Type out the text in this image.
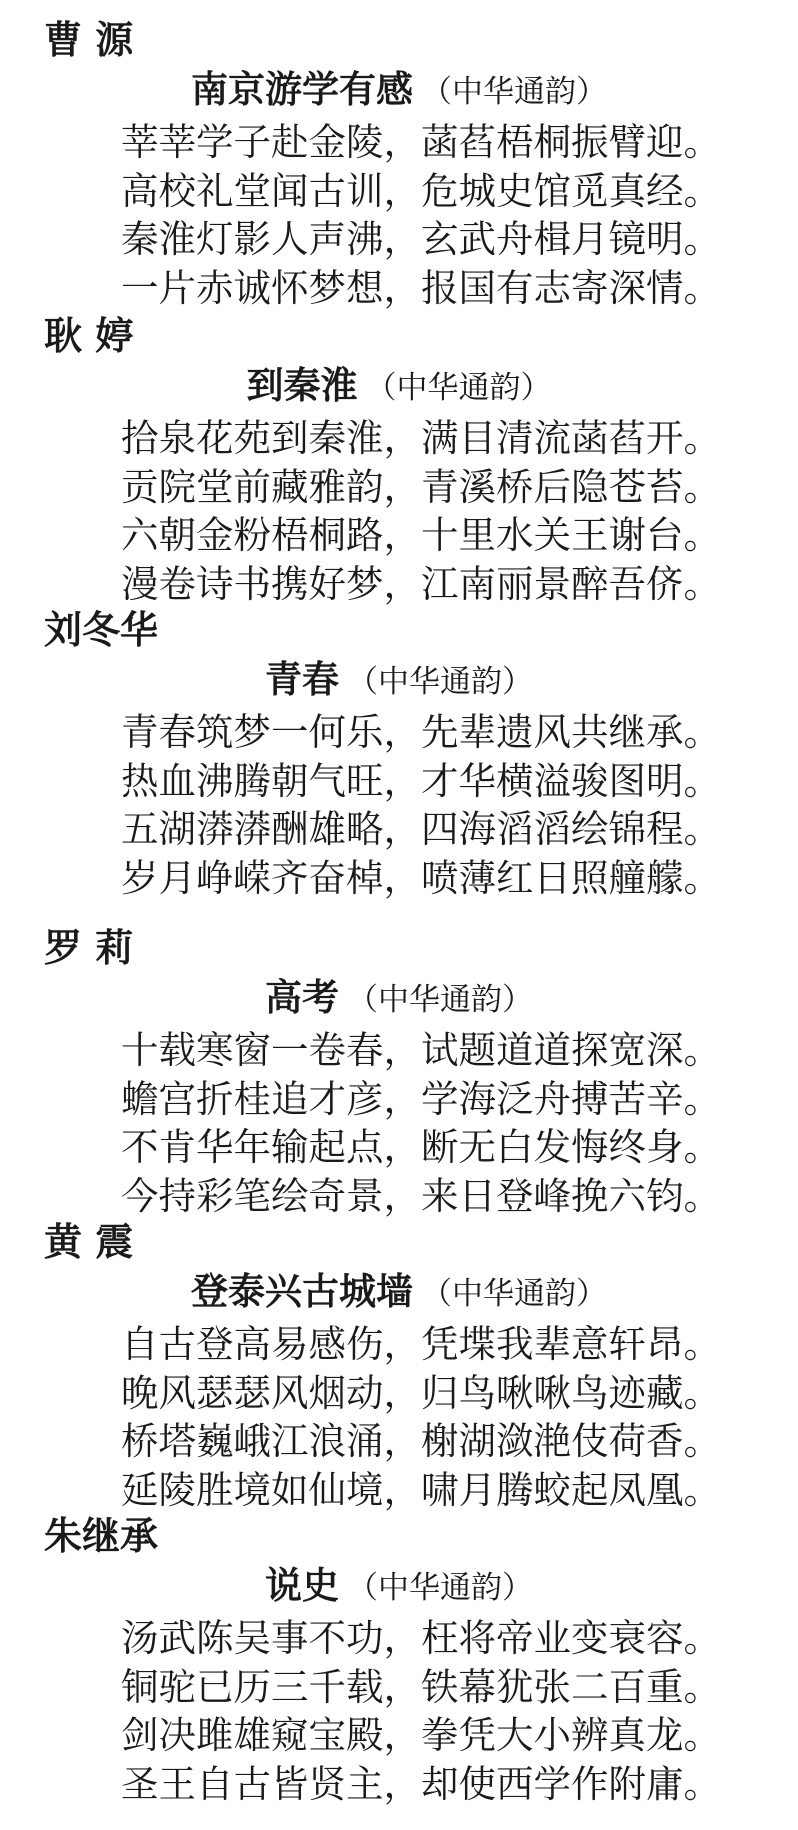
曹 源
南京游学有感 （中华通韵）
莘莘学子赴金陵，菡萏梧桐振臂迎。
高校礼堂闻古训，危城史馆觅真经。
秦淮灯影人声沸，玄武舟楫月镜明。
一片赤诚怀梦想，报国有志寄深情。
耿 婷
到秦淮 （中华通韵）
拾泉花苑到秦淮，满目清流菡萏开。
贡院堂前藏雅韵，青溪桥后隐苍苔。
六朝金粉梧桐路，十里水关王谢台。
漫卷诗书携好梦，江南丽景醉吾侪。
刘冬华
青春 （中华通韵）
青春筑梦一何乐，先辈遗风共继承。
热血沸腾朝气旺，才华横溢骏图明。
五湖漭漭酬雄略，四海滔滔绘锦程。
岁月峥嵘齐奋棹，喷薄红日照艟艨。
罗 莉
高考 （中华通韵）
十载寒窗一卷春，试题道道探宽深。
蟾宫折桂追才彦，学海泛舟搏苦辛。
不肯华年输起点，断无白发悔终身。
今持彩笔绘奇景，来日登峰挽六钧。
黄 震
登泰兴古城墙 （中华通韵）
自古登高易感伤，凭堞我辈意轩昂。
晚风瑟瑟风烟动，归鸟啾啾鸟迹藏。
桥塔巍峨江浪涌，榭湖潋滟伎荷香。
延陵胜境如仙境，啸月腾蛟起凤凰。
朱继承
说史 （中华通韵）
汤武陈吴事不功，枉将帝业变衰容。
铜驼已历三千载，铁幕犹张二百重。
剑决雎雄窥宝殿，拳凭大小辨真龙。
圣王自古皆贤主，却使西学作附庸。
